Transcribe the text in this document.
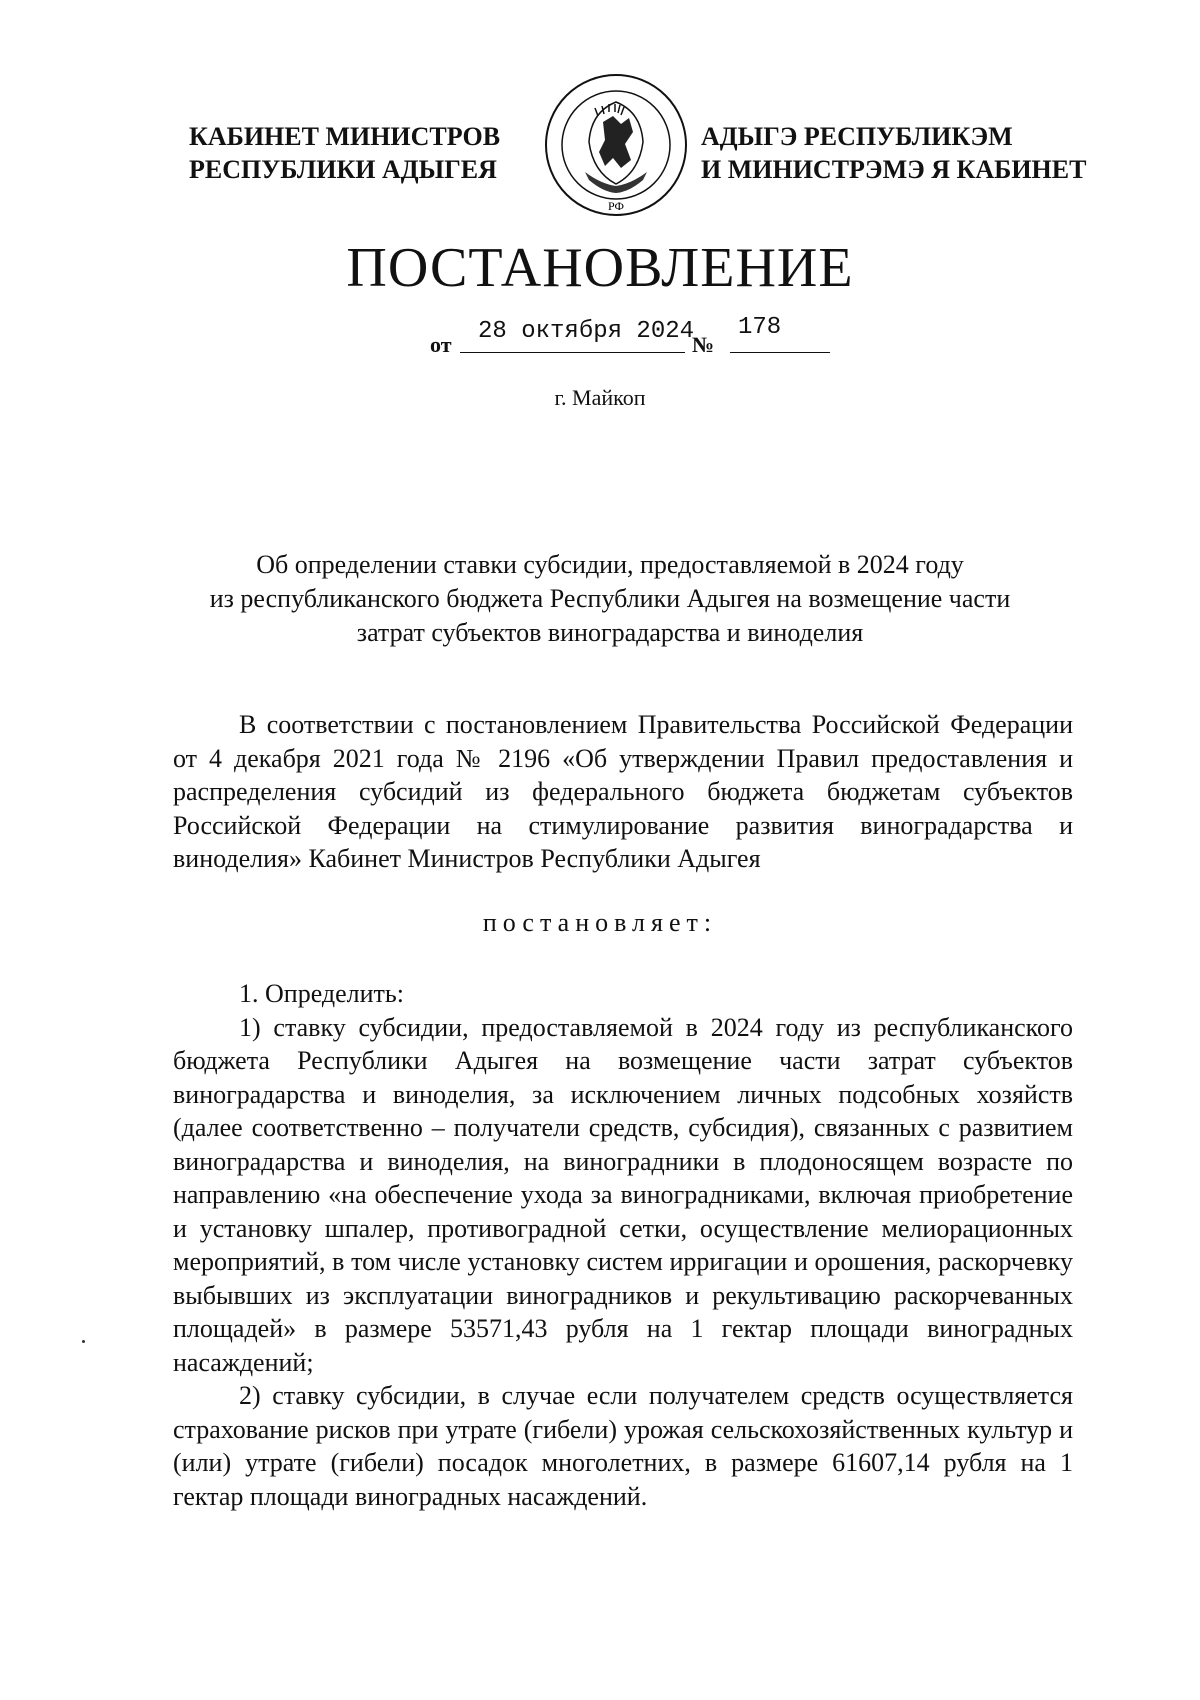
КАБИНЕТ МИНИСТРОВ
РЕСПУБЛИКИ АДЫГЕЯ
РФ
АДЫГЭ РЕСПУБЛИКЭМ
И МИНИСТРЭМЭ Я КАБИНЕТ
ПОСТАНОВЛЕНИЕ
от 28 октября 2024
№
178
г. Майкоп
Об определении ставки субсидии, предоставляемой в 2024 году
из республиканского бюджета Республики Адыгея на возмещение части
затрат субъектов виноградарства и виноделия

В соответствии с постановлением Правительства Российской Федерации от 4 декабря 2021 года № 2196 «Об утверждении Правил предоставления и распределения субсидий из федерального бюджета бюджетам субъектов Российской Федерации на стимулирование развития виноградарства и виноделия» Кабинет Министров Республики Адыгея

постановляет:

1. Определить:

1) ставку субсидии, предоставляемой в 2024 году из республиканского бюджета Республики Адыгея на возмещение части затрат субъектов виноградарства и виноделия, за исключением личных подсобных хозяйств (далее соответственно – получатели средств, субсидия), связанных с развитием виноградарства и виноделия, на виноградники в плодоносящем возрасте по направлению «на обеспечение ухода за виноградниками, включая приобретение и установку шпалер, противоградной сетки, осуществление мелиорационных мероприятий, в том числе установку систем ирригации и орошения, раскорчевку выбывших из эксплуатации виноградников и рекультивацию раскорчеванных площадей» в размере 53571,43 рубля на 1 гектар площади виноградных насаждений;

2) ставку субсидии, в случае если получателем средств осуществляется страхование рисков при утрате (гибели) урожая сельскохозяйственных культур и (или) утрате (гибели) посадок многолетних, в размере 61607,14 рубля на 1 гектар площади виноградных насаждений.
